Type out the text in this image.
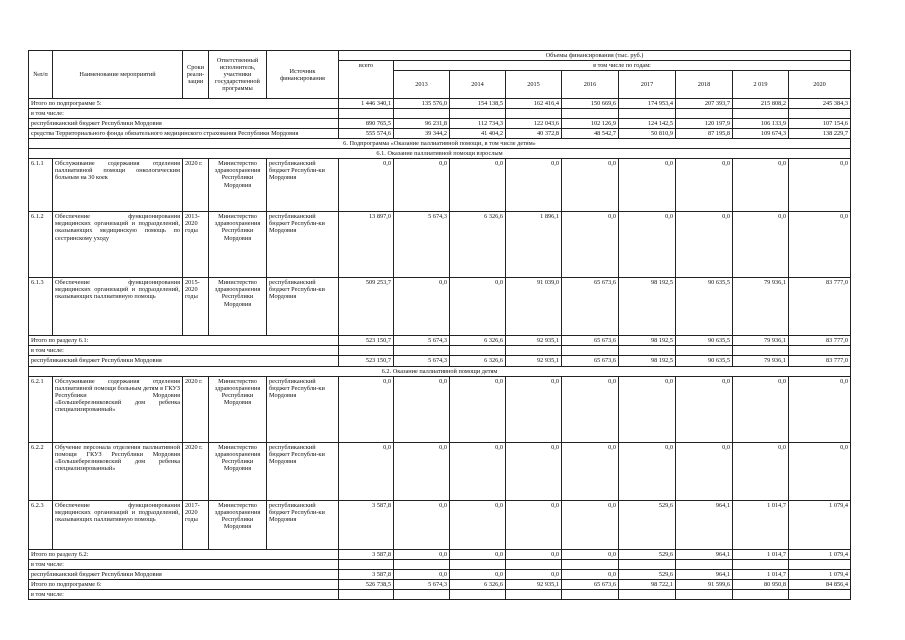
№п/п	Наименование мероприятий	Сроки реали-зации	Ответственный исполнитель, участники государственной программы	Источник финансирования	Объемы финансирования (тыс. руб.)								
					всего	в том числе по годам:							
						2013	2014	2015	2016	2017	2018	2 019	2020
Итого по подпрограмме 5:					1 446 340,1	135 576,0	154 138,5	162 416,4	150 669,6	174 953,4	207 393,7	215 808,2	245 384,3
в том числе:													
республиканский бюджет Республики Мордовия					890 765,5	96 231,8	112 734,3	122 043,6	102 126,9	124 142,5	120 197,9	106 133,9	107 154,6
средства Территориального фонда обязательного медицинского страхования Республики Мордовия					555 574,6	39 344,2	41 404,2	40 372,8	48 542,7	50 810,9	87 195,8	109 674,3	138 229,7
6. Подпрограмма «Оказание паллиативной помощи, в том числе детям»													
6.1. Оказание паллиативной помощи взрослым													
6.1.1	Обслуживание содержания отделения паллиативной помощи онкологическим больным на 30 коек	2020 г.	Министерство здравоохранения Республики Мордовия	республиканский бюджет Республи-ки Мордовия	0,0	0,0	0,0	0,0	0,0	0,0	0,0	0,0	0,0
6.1.2	Обеспечение функционирования медицинских организаций и подразделений, оказывающих медицинскую помощь по сестринскому уходу	2013-2020 годы	Министерство здравоохранения Республики Мордовия	республиканский бюджет Республи-ки Мордовия	13 897,0	5 674,3	6 326,6	1 896,1	0,0	0,0	0,0	0,0	0,0
6.1.3	Обеспечение функционирования медицинских организаций и подразделений, оказывающих паллиативную помощь	2015-2020 годы	Министерство здравоохранения Республики Мордовия	республиканский бюджет Республи-ки Мордовия	509 253,7	0,0	0,0	91 039,0	65 673,6	98 192,5	90 635,5	79 936,1	83 777,0
Итого по разделу 6.1:					523 150,7	5 674,3	6 326,6	92 935,1	65 673,6	98 192,5	90 635,5	79 936,1	83 777,0
в том числе:													
республиканский бюджет Республики Мордовия					523 150,7	5 674,3	6 326,6	92 935,1	65 673,6	98 192,5	90 635,5	79 936,1	83 777,0
6.2. Оказание паллиативной помощи детям													
6.2.1	Обслуживание содержания отделения паллиативной помощи больным детям в ГКУЗ Республики Мордовия «Большеберезниковский дом ребенка специализированный»	2020 г.	Министерство здравоохранения Республики Мордовия	республиканский бюджет Республи-ки Мордовия	0,0	0,0	0,0	0,0	0,0	0,0	0,0	0,0	0,0
6.2.2	Обучение персонала отделения паллиативной помощи ГКУЗ Республики Мордовия «Большеберезниковский дом ребенка специализированный»	2020 г.	Министерство здравоохранения Республики Мордовия	республиканский бюджет Республи-ки Мордовия	0,0	0,0	0,0	0,0	0,0	0,0	0,0	0,0	0,0
6.2.3	Обеспечение функционирования медицинских организаций и подразделений, оказывающих паллиативную помощь	2017-2020 годы	Министерство здравоохранения Республики Мордовия	республиканский бюджет Республи-ки Мордовия	3 587,8	0,0	0,0	0,0	0,0	529,6	964,1	1 014,7	1 079,4
Итого по разделу 6.2:					3 587,8	0,0	0,0	0,0	0,0	529,6	964,1	1 014,7	1 079,4
в том числе:													
республиканский бюджет Республики Мордовия					3 587,8	0,0	0,0	0,0	0,0	529,6	964,1	1 014,7	1 079,4
Итого по подпрограмме 6:					526 738,5	5 674,3	6 326,6	92 935,1	65 673,6	98 722,1	91 599,6	80 950,8	84 856,4
в том числе:													
